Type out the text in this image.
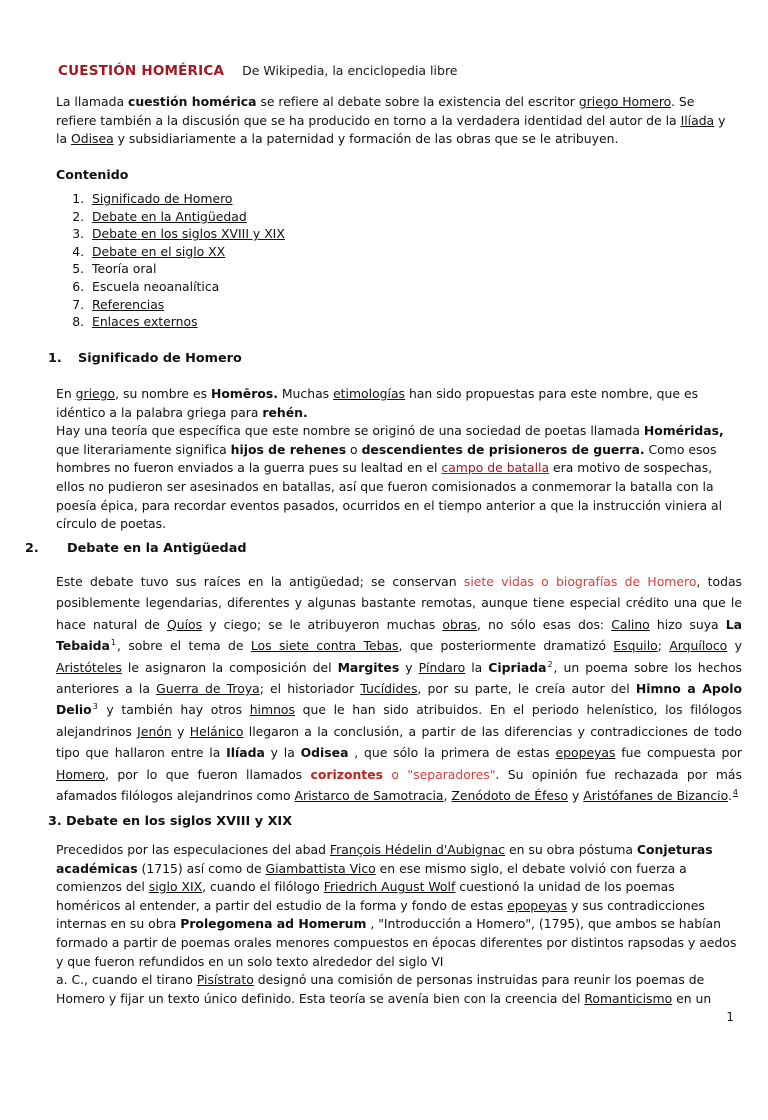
CUESTIÓN HOMÉRICA De Wikipedia, la enciclopedia libre
La llamada cuestión homérica se refiere al debate sobre la existencia del escritor griego Homero. Se refiere también a la discusión que se ha producido en torno a la verdadera identidad del autor de la Ilíada y la Odisea y subsidiariamente a la paternidad y formación de las obras que se le atribuyen.
Contenido
1. Significado de Homero
2. Debate en la Antigüedad
3. Debate en los siglos XVIII y XIX
4. Debate en el siglo XX
5. Teoría oral
6. Escuela neoanalítica
7. Referencias
8. Enlaces externos
1. Significado de Homero
En griego, su nombre es Homēros. Muchas etimologías han sido propuestas para este nombre, que es idéntico a la palabra griega para rehén.
Hay una teoría que específica que este nombre se originó de una sociedad de poetas llamada Homéridas, que literariamente significa hijos de rehenes o descendientes de prisioneros de guerra. Como esos hombres no fueron enviados a la guerra pues su lealtad en el campo de batalla era motivo de sospechas, ellos no pudieron ser asesinados en batallas, así que fueron comisionados a conmemorar la batalla con la poesía épica, para recordar eventos pasados, ocurridos en el tiempo anterior a que la instrucción viniera al círculo de poetas.
2. Debate en la Antigüedad
Este debate tuvo sus raíces en la antigüedad; se conservan siete vidas o biografías de Homero, todas posiblemente legendarias, diferentes y algunas bastante remotas, aunque tiene especial crédito una que le hace natural de Quíos y ciego; se le atribuyeron muchas obras, no sólo esas dos: Calino hizo suya La Tebaida$^1$, sobre el tema de Los siete contra Tebas, que posteriormente dramatizó Esquilo; Arquíloco y Aristóteles le asignaron la composición del Margites y Píndaro la Cipriada$^2$, un poema sobre los hechos anteriores a la Guerra de Troya; el historiador Tucídides, por su parte, le creía autor del Himno a Apolo Delio$^3$ y también hay otros himnos que le han sido atribuidos. En el periodo helenístico, los filólogos alejandrinos Jenón y Helánico llegaron a la conclusión, a partir de las diferencias y contradicciones de todo tipo que hallaron entre la Ilíada y la Odisea , que sólo la primera de estas epopeyas fue compuesta por Homero, por lo que fueron llamados corizontes o "separadores". Su opinión fue rechazada por más afamados filólogos alejandrinos como Aristarco de Samotracia, Zenódoto de Éfeso y Aristófanes de Bizancio.$^4$
3. Debate en los siglos XVIII y XIX
Precedidos por las especulaciones del abad François Hédelin d'Aubignac en su obra póstuma Conjeturas académicas (1715) así como de Giambattista Vico en ese mismo siglo, el debate volvió con fuerza a comienzos del siglo XIX, cuando el filólogo Friedrich August Wolf cuestionó la unidad de los poemas homéricos al entender, a partir del estudio de la forma y fondo de estas epopeyas y sus contradicciones internas en su obra Prolegomena ad Homerum , "Introducción a Homero", (1795), que ambos se habían formado a partir de poemas orales menores compuestos en épocas diferentes por distintos rapsodas y aedos y que fueron refundidos en un solo texto alrededor del siglo VI
a. C., cuando el tirano Pisístrato designó una comisión de personas instruidas para reunir los poemas de Homero y fijar un texto único definido. Esta teoría se avenía bien con la creencia del Romanticismo en un
1
